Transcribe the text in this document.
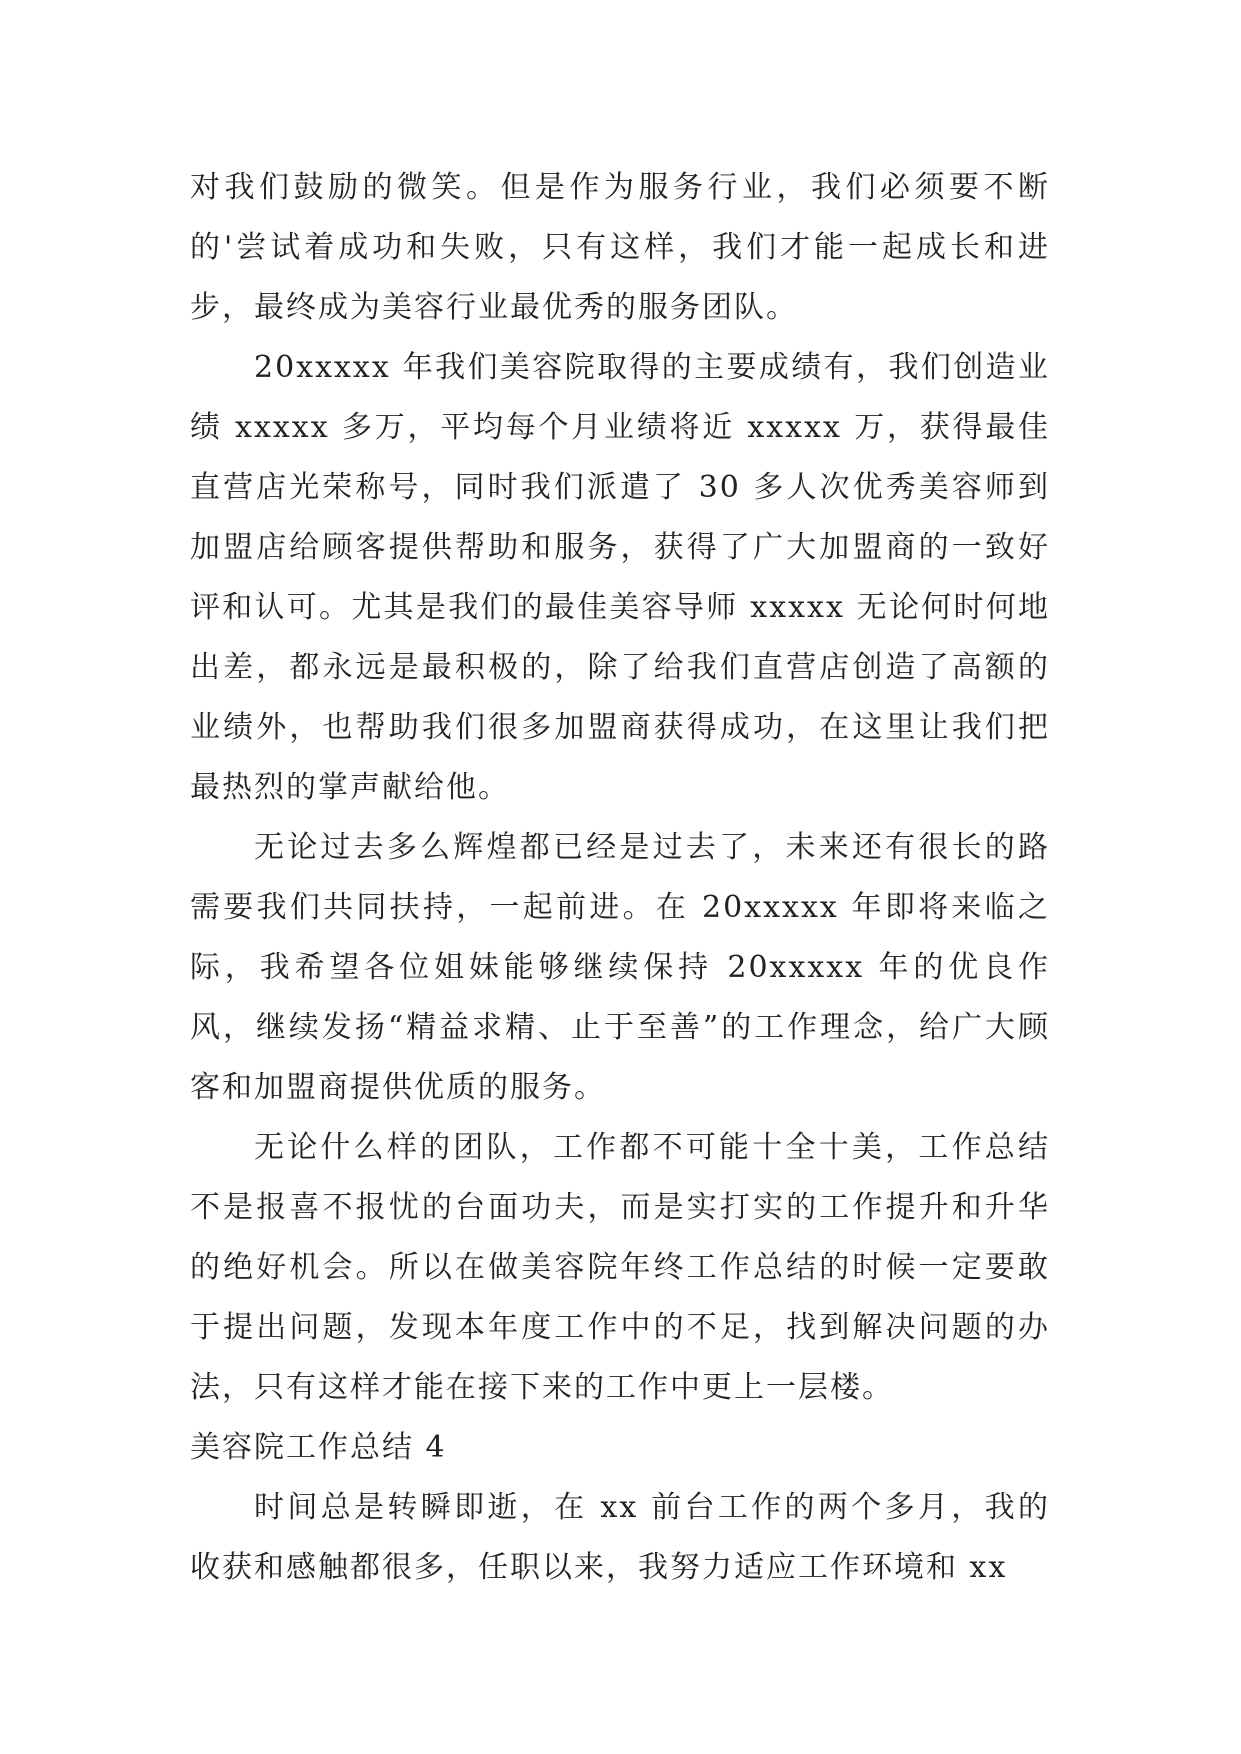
对我们鼓励的微笑。但是作为服务行业，我们必须要不断的'尝试着成功和失败，只有这样，我们才能一起成长和进步，最终成为美容行业最优秀的服务团队。

20xxxxx 年我们美容院取得的主要成绩有，我们创造业绩 xxxxx 多万，平均每个月业绩将近 xxxxx 万，获得最佳直营店光荣称号，同时我们派遣了 30 多人次优秀美容师到加盟店给顾客提供帮助和服务，获得了广大加盟商的一致好评和认可。尤其是我们的最佳美容导师 xxxxx 无论何时何地出差，都永远是最积极的，除了给我们直营店创造了高额的业绩外，也帮助我们很多加盟商获得成功，在这里让我们把最热烈的掌声献给他。

无论过去多么辉煌都已经是过去了，未来还有很长的路需要我们共同扶持，一起前进。在 20xxxxx 年即将来临之际，我希望各位姐妹能够继续保持 20xxxxx 年的优良作风，继续发扬“精益求精、止于至善”的工作理念，给广大顾客和加盟商提供优质的服务。

无论什么样的团队，工作都不可能十全十美，工作总结不是报喜不报忧的台面功夫，而是实打实的工作提升和升华的绝好机会。所以在做美容院年终工作总结的时候一定要敢于提出问题，发现本年度工作中的不足，找到解决问题的办法，只有这样才能在接下来的工作中更上一层楼。

美容院工作总结 4

时间总是转瞬即逝，在 xx 前台工作的两个多月，我的收获和感触都很多，任职以来，我努力适应工作环境和 xx
